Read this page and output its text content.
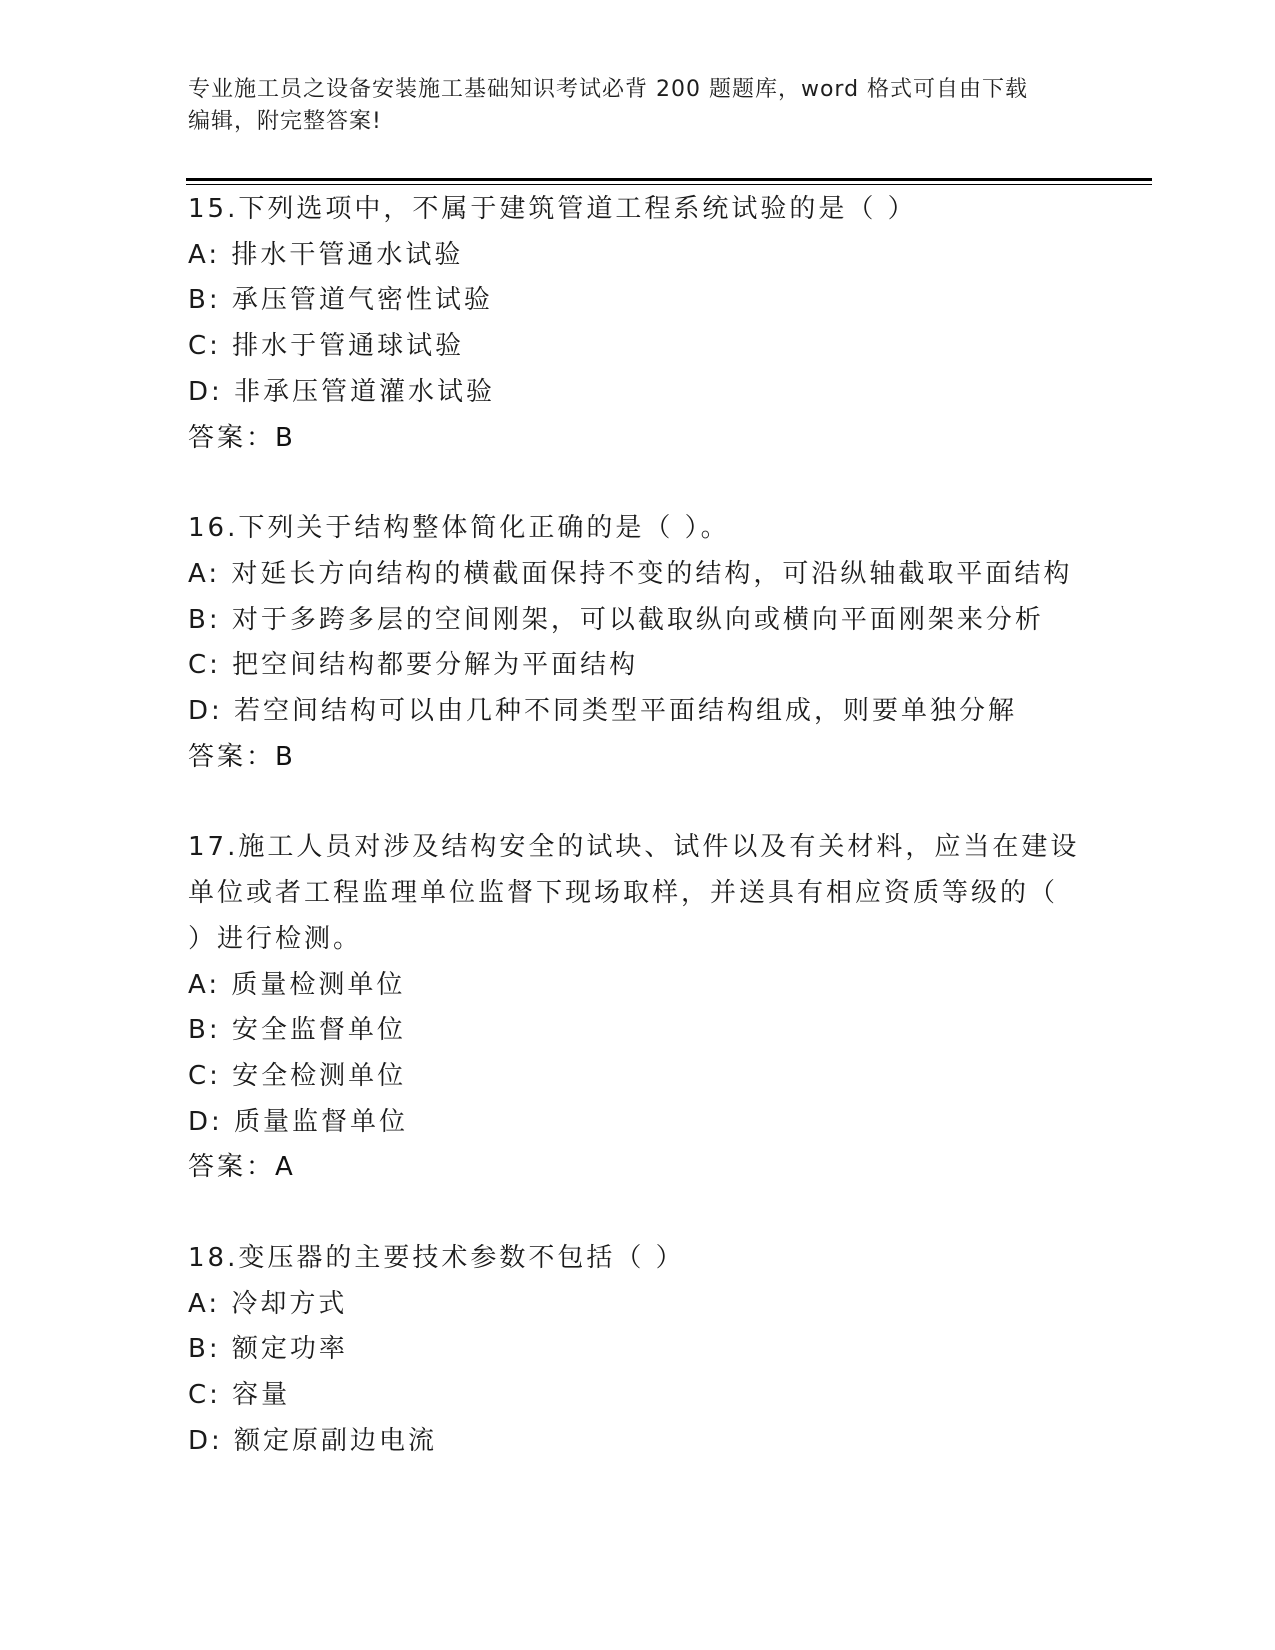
专业施工员之设备安装施工基础知识考试必背 200 题题库，word 格式可自由下载
编辑，附完整答案!
15.下列选项中，不属于建筑管道工程系统试验的是（ ）
A: 排水干管通水试验
B: 承压管道气密性试验
C: 排水于管通球试验
D: 非承压管道灌水试验
答案：B
16.下列关于结构整体简化正确的是（ ）。
A: 对延长方向结构的横截面保持不变的结构，可沿纵轴截取平面结构
B: 对于多跨多层的空间刚架，可以截取纵向或横向平面刚架来分析
C: 把空间结构都要分解为平面结构
D: 若空间结构可以由几种不同类型平面结构组成，则要单独分解
答案：B
17.施工人员对涉及结构安全的试块、试件以及有关材料，应当在建设
单位或者工程监理单位监督下现场取样，并送具有相应资质等级的（
）进行检测。
A: 质量检测单位
B: 安全监督单位
C: 安全检测单位
D: 质量监督单位
答案：A
18.变压器的主要技术参数不包括（ ）
A: 冷却方式
B: 额定功率
C: 容量
D: 额定原副边电流
